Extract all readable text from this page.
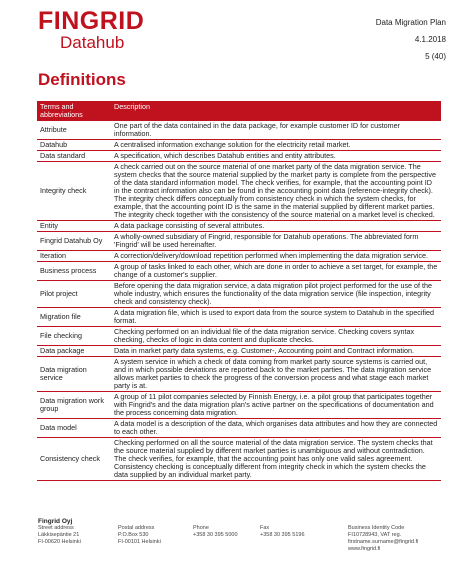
FINGRID
Datahub
Data Migration Plan
4.1.2018
5 (40)
Definitions
Terms and abbreviations	Description
Attribute	One part of the data contained in the data package, for example customer ID for customer information.
Datahub	A centralised information exchange solution for the electricity retail market.
Data standard	A specification, which describes Datahub entities and entity attributes.
Integrity check	A check carried out on the source material of one market party of the data migration service. The system checks that the source material supplied by the market party is complete from the perspective of the data standard information model. The check verifies, for example, that the accounting point ID in the contract information also can be found in the accounting point data (reference-integrity check). The integrity check differs conceptually from consistency check in which the system checks, for example, that the accounting point ID is the same in the material supplied by different market parties. The integrity check together with the consistency of the source material on a market level is checked.
Entity	A data package consisting of several attributes.
Fingrid Datahub Oy	A wholly-owned subsidiary of Fingrid, responsible for Datahub operations. The abbreviated form 'Fingrid' will be used hereinafter.
Iteration	A correction/delivery/download repetition performed when implementing the data migration service.
Business process	A group of tasks linked to each other, which are done in order to achieve a set target, for example, the change of a customer's supplier.
Pilot project	Before opening the data migration service, a data migration pilot project performed for the use of the whole industry, which ensures the functionality of the data migration service (file inspection, integrity check and consistency check).
Migration file	A data migration file, which is used to export data from the source system to Datahub in the specified format.
File checking	Checking performed on an individual file of the data migration service. Checking covers syntax checking, checks of logic in data content and duplicate checks.
Data package	Data in market party data systems, e.g. Customer-, Accounting point and Contract information.
Data migration service	A system service in which a check of data coming from market party source systems is carried out, and in which possible deviations are reported back to the market parties. The data migration service allows market parties to check the progress of the conversion process and what stage each market party is at.
Data migration work group	A group of 11 pilot companies selected by Finnish Energy, i.e. a pilot group that participates together with Fingrid's and the data migration plan's active partner on the specifications of documentation and the process concerning data migration.
Data model	A data model is a description of the data, which organises data attributes and how they are connected to each other.
Consistency check	Checking performed on all the source material of the data migration service. The system checks that the source material supplied by different market parties is unambiguous and without contradiction. The check verifies, for example, that the accounting point has only one valid sales agreement. Consistency checking is conceptually different from integrity check in which the system checks the data supplied by an individual market party.
Fingrid Oyj
Street address	Postal address	Phone	Fax	Business Identity Code
Läkkisepäntie 21	P.O.Box 530	+358 30 395 5000	+358 30 395 5196	FI10728943, VAT reg.
FI-00620 Helsinki	FI-00101 Helsinki	firstname.surname@fingrid.fi
www.fingrid.fi
